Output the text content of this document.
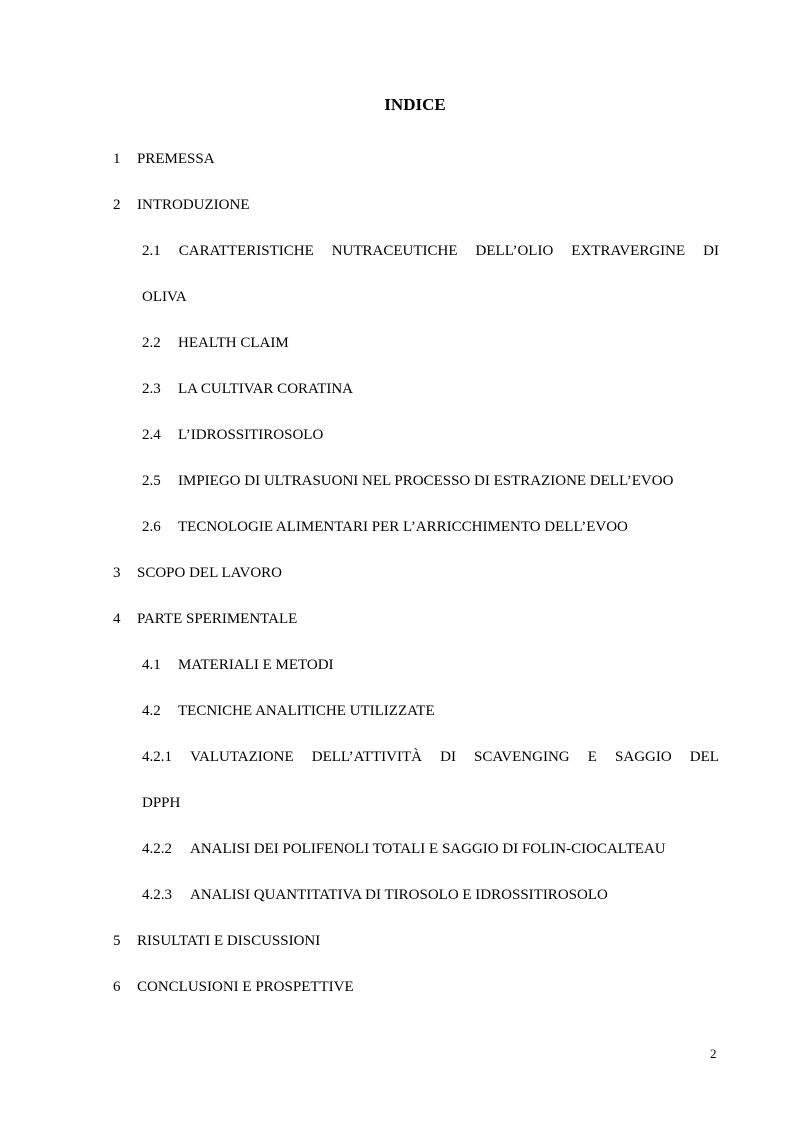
INDICE
1 PREMESSA
2 INTRODUZIONE
2.1 CARATTERISTICHE NUTRACEUTICHE DELL’OLIO EXTRAVERGINE DI
OLIVA
2.2 HEALTH CLAIM
2.3 LA CULTIVAR CORATINA
2.4 L’IDROSSITIROSOLO
2.5 IMPIEGO DI ULTRASUONI NEL PROCESSO DI ESTRAZIONE DELL’EVOO
2.6 TECNOLOGIE ALIMENTARI PER L’ARRICCHIMENTO DELL’EVOO
3 SCOPO DEL LAVORO
4 PARTE SPERIMENTALE
4.1 MATERIALI E METODI
4.2 TECNICHE ANALITICHE UTILIZZATE
4.2.1 VALUTAZIONE DELL’ATTIVITÀ DI SCAVENGING E SAGGIO DEL
DPPH
4.2.2 ANALISI DEI POLIFENOLI TOTALI E SAGGIO DI FOLIN-CIOCALTEAU
4.2.3 ANALISI QUANTITATIVA DI TIROSOLO E IDROSSITIROSOLO
5 RISULTATI E DISCUSSIONI
6 CONCLUSIONI E PROSPETTIVE
2
